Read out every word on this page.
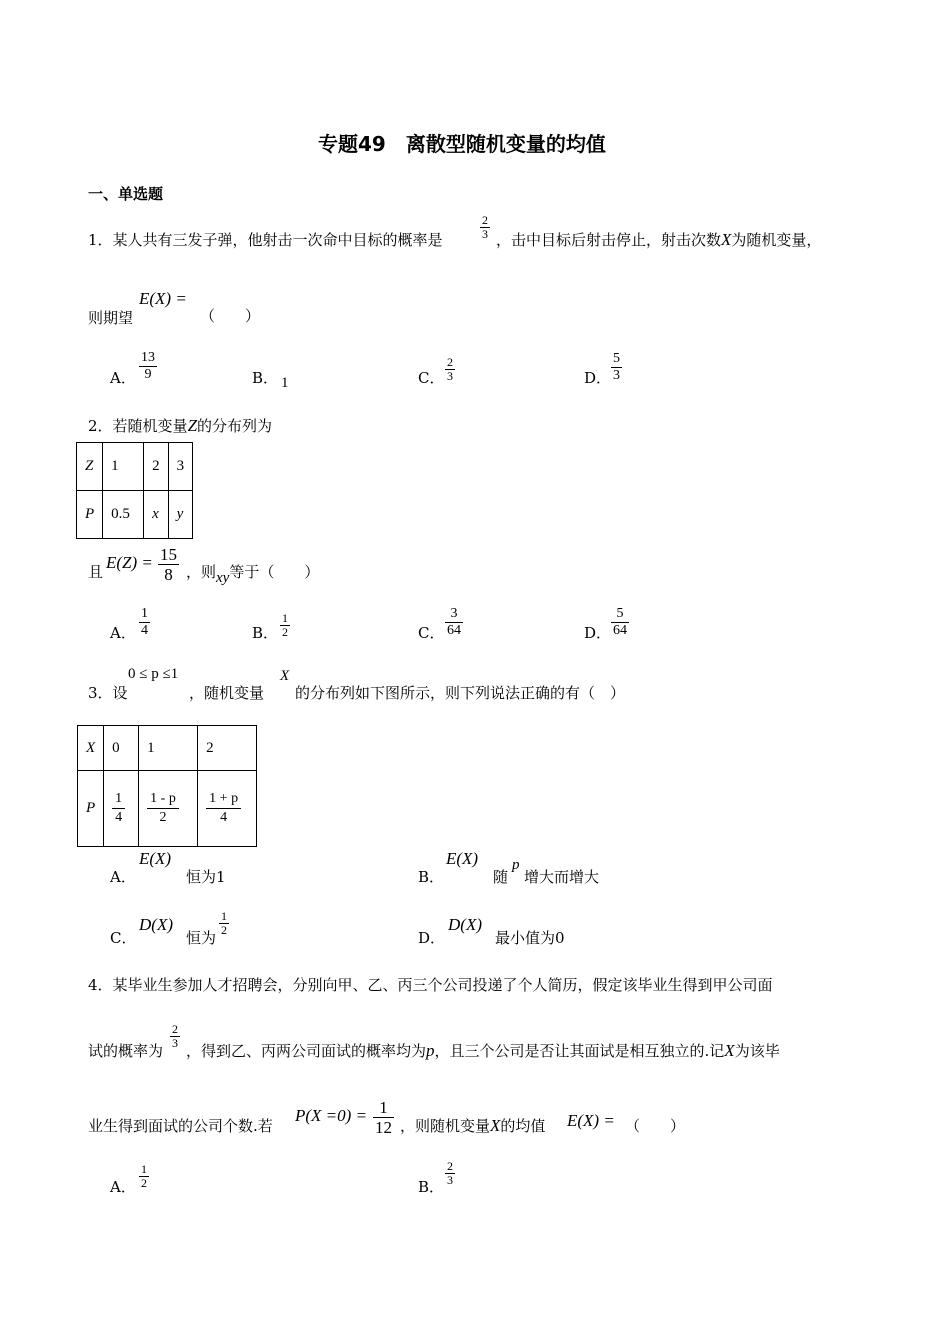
专题49　离散型随机变量的均值
一、单选题
1．某人共有三发子弹，他射击一次命中目标的概率是	$\frac{2}{3}$ ，击中目标后射击停止，射击次数X为随机变量，
E(X) =
则期望	（　　）
A． $\frac{13}{9}$	B． 1	C． $\frac{2}{3}$	D． $\frac{5}{3}$
2．若随机变量Z的分布列为
Z	1	2	3
P	0.5	x	y
且 $E(Z) = \frac{15}{8}$ ，则xy等于（　　）
A． $\frac{1}{4}$	B． $\frac{1}{2}$	C． $\frac{3}{64}$	D． $\frac{5}{64}$
3．设
0 ≤ p ≤1
，随机变量
X
的分布列如下图所示，则下列说法正确的有（　）
X	0	1	2
P	$\frac{1}{4}$	$\frac{1 - p}{2}$	$\frac{1 + p}{4}$
A．
E(X)
恒为1	B．
E(X)
随
p
增大而增大
C．
D(X)
恒为
$\frac{1}{2}$
D．
D(X)
最小值为0
4．某毕业生参加人才招聘会，分别向甲、乙、丙三个公司投递了个人简历，假定该毕业生得到甲公司面
试的概率为
$\frac{2}{3}$
，得到乙、丙两公司面试的概率均为p，且三个公司是否让其面试是相互独立的.记X为该毕
业生得到面试的公司个数.若
$P(X =0) = \frac{1}{12}$ ，则随机变量X的均值 E(X) = （　　）
A． $\frac{1}{2}$	B． $\frac{2}{3}$
